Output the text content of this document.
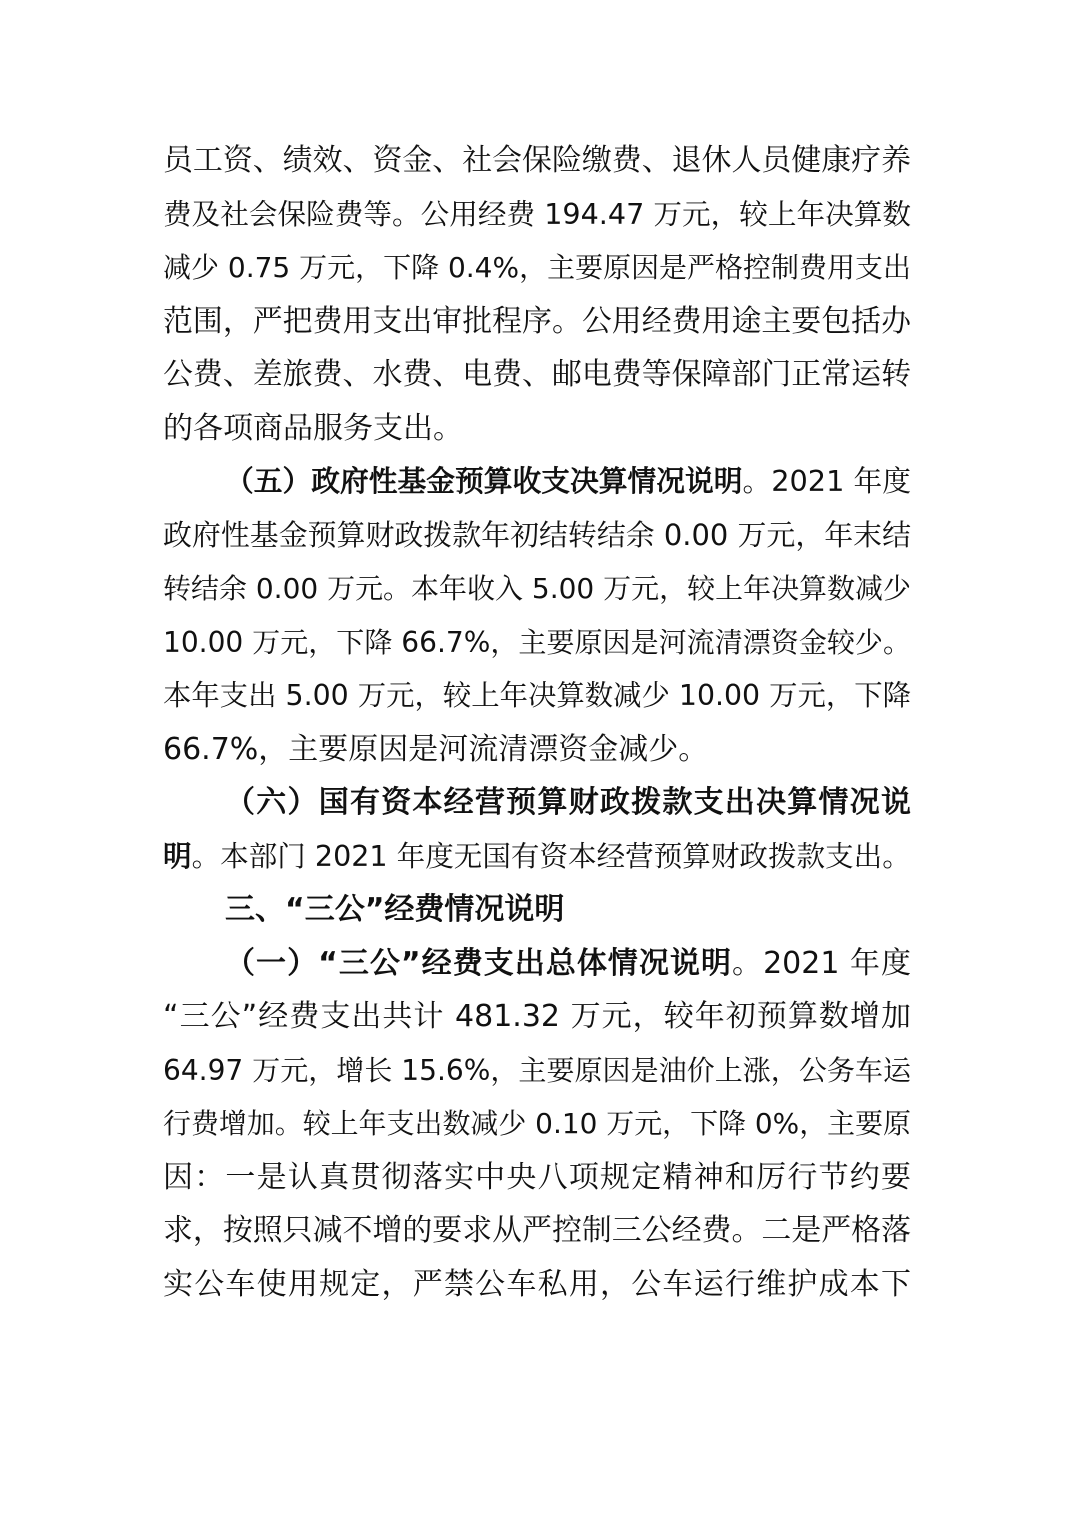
员工资、绩效、资金、社会保险缴费、退休人员健康疗养
费及社会保险费等。公用经费 194.47 万元，较上年决算数
减少 0.75 万元，下降 0.4%，主要原因是严格控制费用支出
范围，严把费用支出审批程序。公用经费用途主要包括办
公费、差旅费、水费、电费、邮电费等保障部门正常运转
的各项商品服务支出。
（五）政府性基金预算收支决算情况说明。2021 年度
政府性基金预算财政拨款年初结转结余 0.00 万元，年末结
转结余 0.00 万元。本年收入 5.00 万元，较上年决算数减少
10.00 万元，下降 66.7%，主要原因是河流清漂资金较少。
本年支出 5.00 万元，较上年决算数减少 10.00 万元，下降
66.7%，主要原因是河流清漂资金减少。
（六）国有资本经营预算财政拨款支出决算情况说
明。本部门 2021 年度无国有资本经营预算财政拨款支出。
三、“三公”经费情况说明
（一）“三公”经费支出总体情况说明。2021 年度
“三公”经费支出共计 481.32 万元，较年初预算数增加
64.97 万元，增长 15.6%，主要原因是油价上涨，公务车运
行费增加。较上年支出数减少 0.10 万元，下降 0%，主要原
因：一是认真贯彻落实中央八项规定精神和厉行节约要
求，按照只减不增的要求从严控制三公经费。二是严格落
实公车使用规定，严禁公车私用，公车运行维护成本下
